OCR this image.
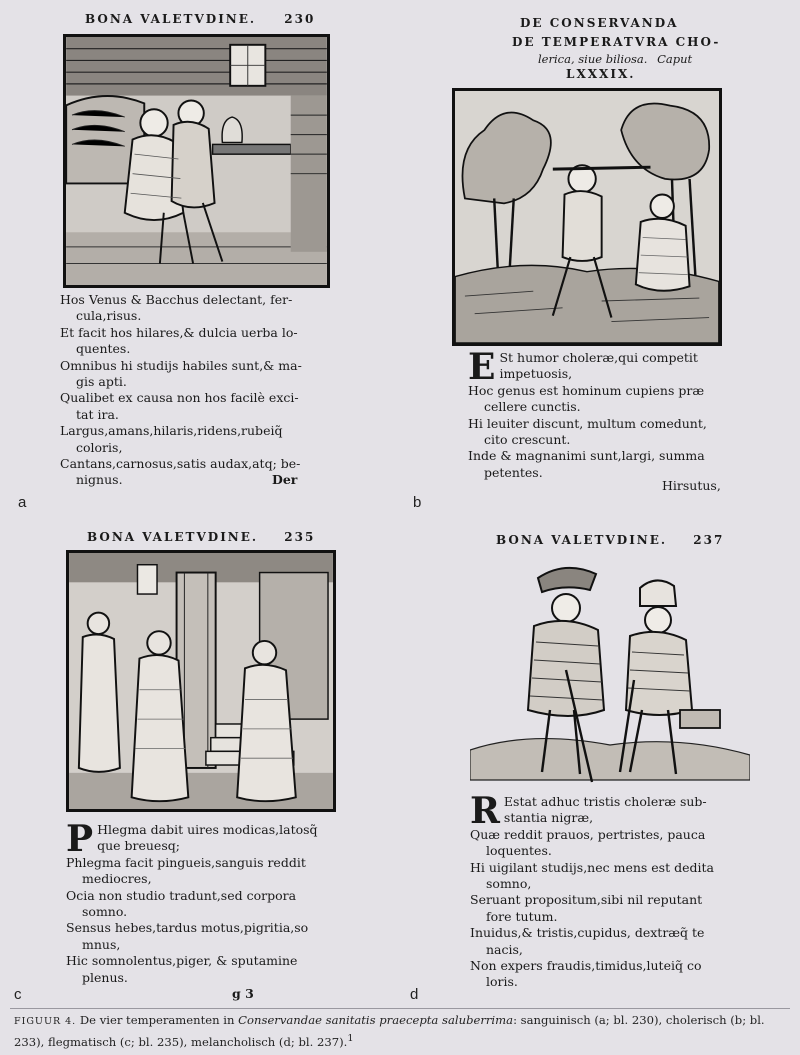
BONA VALETVDINE. 230
Hos Venus & Bacchus delectant, fer-
cula,risus.
Et facit hos hilares,& dulcia uerba lo-
quentes.
Omnibus hi studijs habiles sunt,& ma-
gis apti.
Qualibet ex causa non hos facilè exci-
tat ira.
Largus,amans,hilaris,ridens,rubeiq̃
coloris,
Cantans,carnosus,satis audax,atq; be-
nignus.	Der
a
DE CONSERVANDA
DE TEMPERATVRA CHO-
lerica, siue biliosa. Caput
LXXXIX.
E St humor choleræ,qui competit
impetuosis,
Hoc genus est hominum cupiens præ
cellere cunctis.
Hi leuiter discunt, multum comedunt,
cito crescunt.
Inde & magnanimi sunt,largi, summa
petentes.
Hirsutus,
b
BONA VALETVDINE. 235
P Hlegma dabit uires modicas,latosq̃
que breuesq;
Phlegma facit pingueis,sanguis reddit
mediocres,
Ocia non studio tradunt,sed corpora
somno.
Sensus hebes,tardus motus,pigritia,so
mnus,
Hic somnolentus,piger, & sputamine
plenus.
g 3
c
BONA VALETVDINE. 237
R Estat adhuc tristis choleræ sub-
stantia nigræ,
Quæ reddit prauos, pertristes, pauca
loquentes.
Hi uigilant studijs,nec mens est dedita
somno,
Seruant propositum,sibi nil reputant
fore tutum.
Inuidus,& tristis,cupidus, dextræq̃ te
nacis,
Non expers fraudis,timidus,luteiq̃ co
loris.
d
FIGUUR 4. De vier temperamenten in Conservandae sanitatis praecepta saluberrima: sanguinisch (a; bl. 230), cholerisch (b; bl. 233), flegmatisch (c; bl. 235), melancholisch (d; bl. 237).$^1$
